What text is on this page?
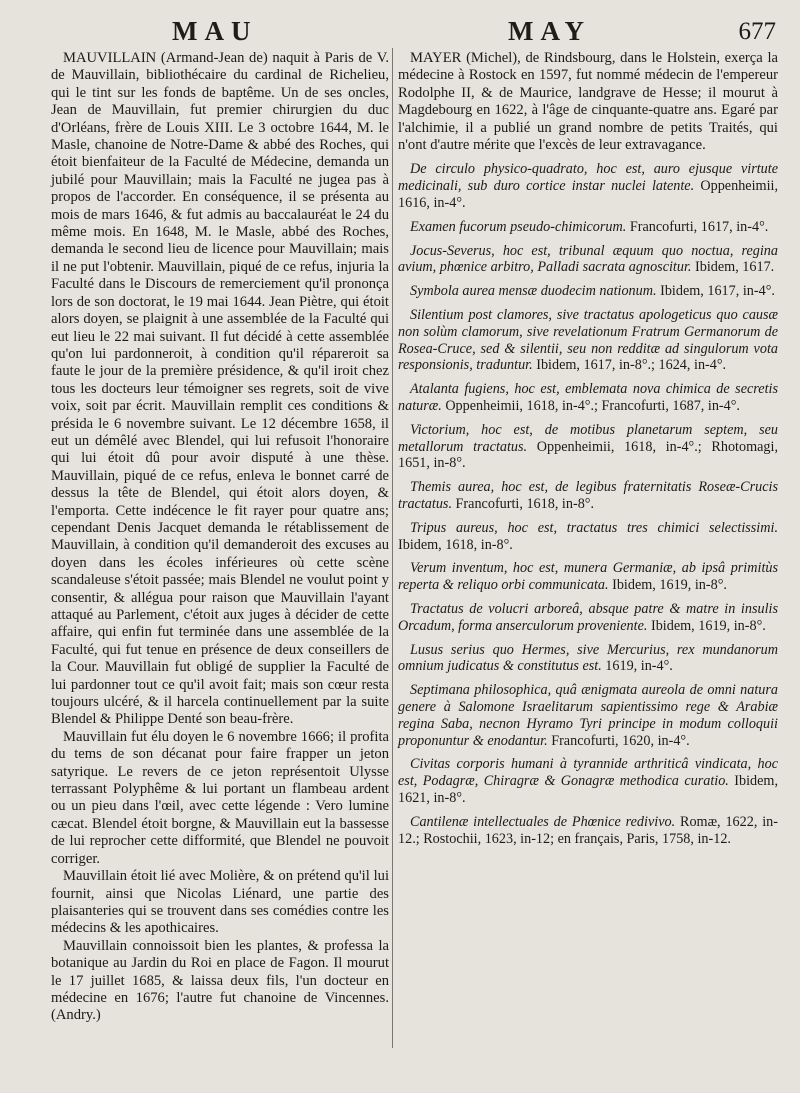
MAU	MAY	677

MAUVILLAIN (Armand-Jean de) naquit à Paris de V. de Mauvillain, bibliothécaire du cardinal de Richelieu, qui le tint sur les fonds de baptême. Un de ses oncles, Jean de Mauvillain, fut premier chirurgien du duc d'Orléans, frère de Louis XIII. Le 3 octobre 1644, M. le Masle, chanoine de Notre-Dame & abbé des Roches, qui étoit bienfaiteur de la Faculté de Médecine, demanda un jubilé pour Mauvillain; mais la Faculté ne jugea pas à propos de l'accorder. En conséquence, il se présenta au mois de mars 1646, & fut admis au baccalauréat le 24 du même mois. En 1648, M. le Masle, abbé des Roches, demanda le second lieu de licence pour Mauvillain; mais il ne put l'obtenir. Mauvillain, piqué de ce refus, injuria la Faculté dans le Discours de remerciement qu'il prononça lors de son doctorat, le 19 mai 1644. Jean Piètre, qui étoit alors doyen, se plaignit à une assemblée de la Faculté qui eut lieu le 22 mai suivant. Il fut décidé à cette assemblée qu'on lui pardonneroit, à condition qu'il répareroit sa faute le jour de la première présidence, & qu'il iroit chez tous les docteurs leur témoigner ses regrets, soit de vive voix, soit par écrit. Mauvillain remplit ces conditions & présida le 6 novembre suivant. Le 12 décembre 1658, il eut un démêlé avec Blendel, qui lui refusoit l'honoraire qui lui étoit dû pour avoir disputé à une thèse. Mauvillain, piqué de ce refus, enleva le bonnet carré de dessus la tête de Blendel, qui étoit alors doyen, & l'emporta. Cette indécence le fit rayer pour quatre ans; cependant Denis Jacquet demanda le rétablissement de Mauvillain, à condition qu'il demanderoit des excuses au doyen dans les écoles inférieures où cette scène scandaleuse s'étoit passée; mais Blendel ne voulut point y consentir, & allégua pour raison que Mauvillain l'ayant attaqué au Parlement, c'étoit aux juges à décider de cette affaire, qui enfin fut terminée dans une assemblée de la Faculté, qui fut tenue en présence de deux conseillers de la Cour. Mauvillain fut obligé de supplier la Faculté de lui pardonner tout ce qu'il avoit fait; mais son cœur resta toujours ulcéré, & il harcela continuellement par la suite Blendel & Philippe Denté son beau-frère.

Mauvillain fut élu doyen le 6 novembre 1666; il profita du tems de son décanat pour faire frapper un jeton satyrique. Le revers de ce jeton représentoit Ulysse terrassant Polyphême & lui portant un flambeau ardent ou un pieu dans l'œil, avec cette légende : Vero lumine cæcat. Blendel étoit borgne, & Mauvillain eut la bassesse de lui reprocher cette difformité, que Blendel ne pouvoit corriger.

Mauvillain étoit lié avec Molière, & on prétend qu'il lui fournit, ainsi que Nicolas Liénard, une partie des plaisanteries qui se trouvent dans ses comédies contre les médecins & les apothicaires.

Mauvillain connoissoit bien les plantes, & professa la botanique au Jardin du Roi en place de Fagon. Il mourut le 17 juillet 1685, & laissa deux fils, l'un docteur en médecine en 1676; l'autre fut chanoine de Vincennes. (Andry.)

MAYER (Michel), de Rindsbourg, dans le Holstein, exerça la médecine à Rostock en 1597, fut nommé médecin de l'empereur Rodolphe II, & de Maurice, landgrave de Hesse; il mourut à Magdebourg en 1622, à l'âge de cinquante-quatre ans. Egaré par l'alchimie, il a publié un grand nombre de petits Traités, qui n'ont d'autre mérite que l'excès de leur extravagance.

De circulo physico-quadrato, hoc est, auro ejusque virtute medicinali, sub duro cortice instar nuclei latente. Oppenheimii, 1616, in-4°.

Examen fucorum pseudo-chimicorum. Francofurti, 1617, in-4°.

Jocus-Severus, hoc est, tribunal æquum quo noctua, regina avium, phœnice arbitro, Palladi sacrata agnoscitur. Ibidem, 1617.

Symbola aurea mensæ duodecim nationum. Ibidem, 1617, in-4°.

Silentium post clamores, sive tractatus apologeticus quo causæ non solùm clamorum, sive revelationum Fratrum Germanorum de Rosea-Cruce, sed & silentii, seu non redditæ ad singulorum vota responsionis, traduntur. Ibidem, 1617, in-8°.; 1624, in-4°.

Atalanta fugiens, hoc est, emblemata nova chimica de secretis naturæ. Oppenheimii, 1618, in-4°.; Francofurti, 1687, in-4°.

Victorium, hoc est, de motibus planetarum septem, seu metallorum tractatus. Oppenheimii, 1618, in-4°.; Rhotomagi, 1651, in-8°.

Themis aurea, hoc est, de legibus fraternitatis Roseæ-Crucis tractatus. Francofurti, 1618, in-8°.

Tripus aureus, hoc est, tractatus tres chimici selectissimi. Ibidem, 1618, in-8°.

Verum inventum, hoc est, munera Germaniæ, ab ipsâ primitùs reperta & reliquo orbi communicata. Ibidem, 1619, in-8°.

Tractatus de volucri arboreâ, absque patre & matre in insulis Orcadum, forma anserculorum provenientе. Ibidem, 1619, in-8°.

Lusus serius quo Hermes, sive Mercurius, rex mundanorum omnium judicatus & constitutus est. 1619, in-4°.

Septimana philosophica, quâ ænigmata aureola de omni natura genere à Salomone Israelitarum sapientissimo rege & Arabiæ regina Saba, necnon Hyramo Tyri principe in modum colloquii proponuntur & enodantur. Francofurti, 1620, in-4°.

Civitas corporis humani à tyrannide arthriticâ vindicata, hoc est, Podagræ, Chiragræ & Gonagræ methodica curatio. Ibidem, 1621, in-8°.

Cantilenæ intellectuales de Phœnice redivivo. Romæ, 1622, in-12.; Rostochii, 1623, in-12; en français, Paris, 1758, in-12.
